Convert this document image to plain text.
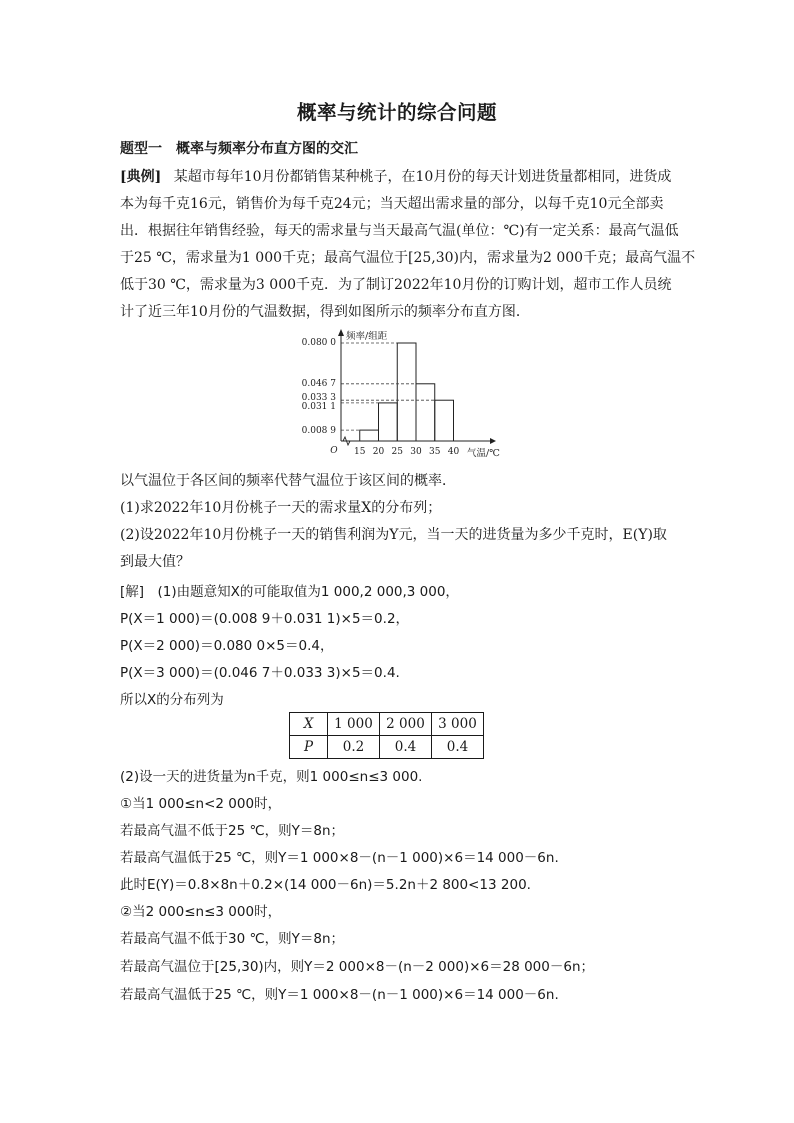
概率与统计的综合问题
题型一　概率与频率分布直方图的交汇
[典例] 某超市每年10月份都销售某种桃子，在10月份的每天计划进货量都相同，进货成
本为每千克16元，销售价为每千克24元；当天超出需求量的部分，以每千克10元全部卖
出．根据往年销售经验，每天的需求量与当天最高气温(单位：℃)有一定关系：最高气温低
于25 ℃，需求量为1 000千克；最高气温位于[25,30)内，需求量为2 000千克；最高气温不
低于30 ℃，需求量为3 000千克．为了制订2022年10月份的订购计划，超市工作人员统
计了近三年10月份的气温数据，得到如图所示的频率分布直方图．
0.080 0
0.046 7
0.033 3
0.031 1
0.008 9
15 20 25 30 35 40
O
频率/组距
气温/℃
以气温位于各区间的频率代替气温位于该区间的概率．
(1)求2022年10月份桃子一天的需求量X的分布列；
(2)设2022年10月份桃子一天的销售利润为Y元，当一天的进货量为多少千克时，E(Y)取
到最大值？
[解]　(1)由题意知X的可能取值为1 000,2 000,3 000，
P(X＝1 000)＝(0.008 9＋0.031 1)×5＝0.2，
P(X＝2 000)＝0.080 0×5＝0.4，
P(X＝3 000)＝(0.046 7＋0.033 3)×5＝0.4.
所以X的分布列为
X	1 000	2 000	3 000
P	0.2	0.4	0.4
(2)设一天的进货量为n千克，则1 000≤n≤3 000.
①当1 000≤n<2 000时，
若最高气温不低于25 ℃，则Y＝8n；
若最高气温低于25 ℃，则Y＝1 000×8－(n－1 000)×6＝14 000－6n.
此时E(Y)＝0.8×8n＋0.2×(14 000－6n)＝5.2n＋2 800<13 200.
②当2 000≤n≤3 000时，
若最高气温不低于30 ℃，则Y＝8n；
若最高气温位于[25,30)内，则Y＝2 000×8－(n－2 000)×6＝28 000－6n；
若最高气温低于25 ℃，则Y＝1 000×8－(n－1 000)×6＝14 000－6n.
